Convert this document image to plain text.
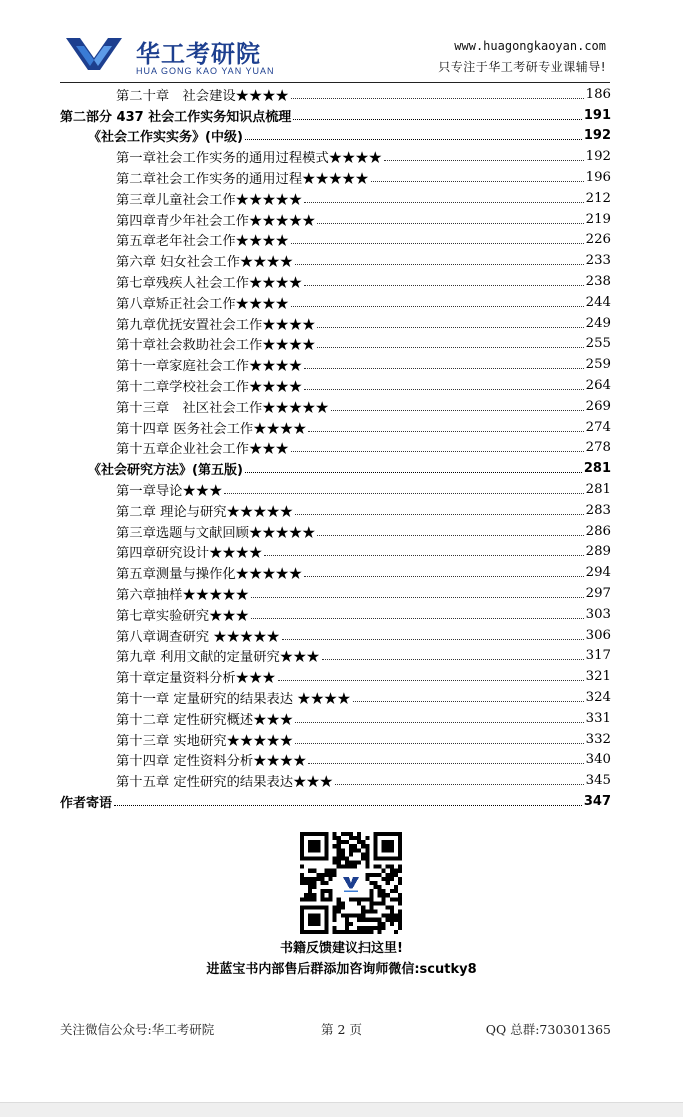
华工考研院
HUA GONG KAO YAN YUAN
www.huagongkaoyan.com
只专注于华工考研专业课辅导!
第二十章　社会建设★★★★	186
第二部分 437 社会工作实务知识点梳理	191
《社会工作实实务》(中级)	192
第一章社会工作实务的通用过程模式★★★★	192
第二章社会工作实务的通用过程★★★★★	196
第三章儿童社会工作★★★★★	212
第四章青少年社会工作★★★★★	219
第五章老年社会工作★★★★	226
第六章 妇女社会工作★★★★	233
第七章残疾人社会工作★★★★	238
第八章矫正社会工作★★★★	244
第九章优抚安置社会工作★★★★	249
第十章社会救助社会工作★★★★	255
第十一章家庭社会工作★★★★	259
第十二章学校社会工作★★★★	264
第十三章　社区社会工作★★★★★	269
第十四章 医务社会工作★★★★	274
第十五章企业社会工作★★★	278
《社会研究方法》(第五版)	281
第一章导论★★★	281
第二章 理论与研究★★★★★	283
第三章选题与文献回顾★★★★★	286
第四章研究设计★★★★	289
第五章测量与操作化★★★★★	294
第六章抽样★★★★★	297
第七章实验研究★★★	303
第八章调查研究 ★★★★★	306
第九章 利用文献的定量研究★★★	317
第十章定量资料分析★★★	321
第十一章 定量研究的结果表达 ★★★★	324
第十二章 定性研究概述★★★	331
第十三章 实地研究★★★★★	332
第十四章 定性资料分析★★★★	340
第十五章 定性研究的结果表达★★★	345
作者寄语	347
书籍反馈建议扫这里!
进蓝宝书内部售后群添加咨询师微信:scutky8
关注微信公众号:华工考研院	第 2 页	QQ 总群:730301365
